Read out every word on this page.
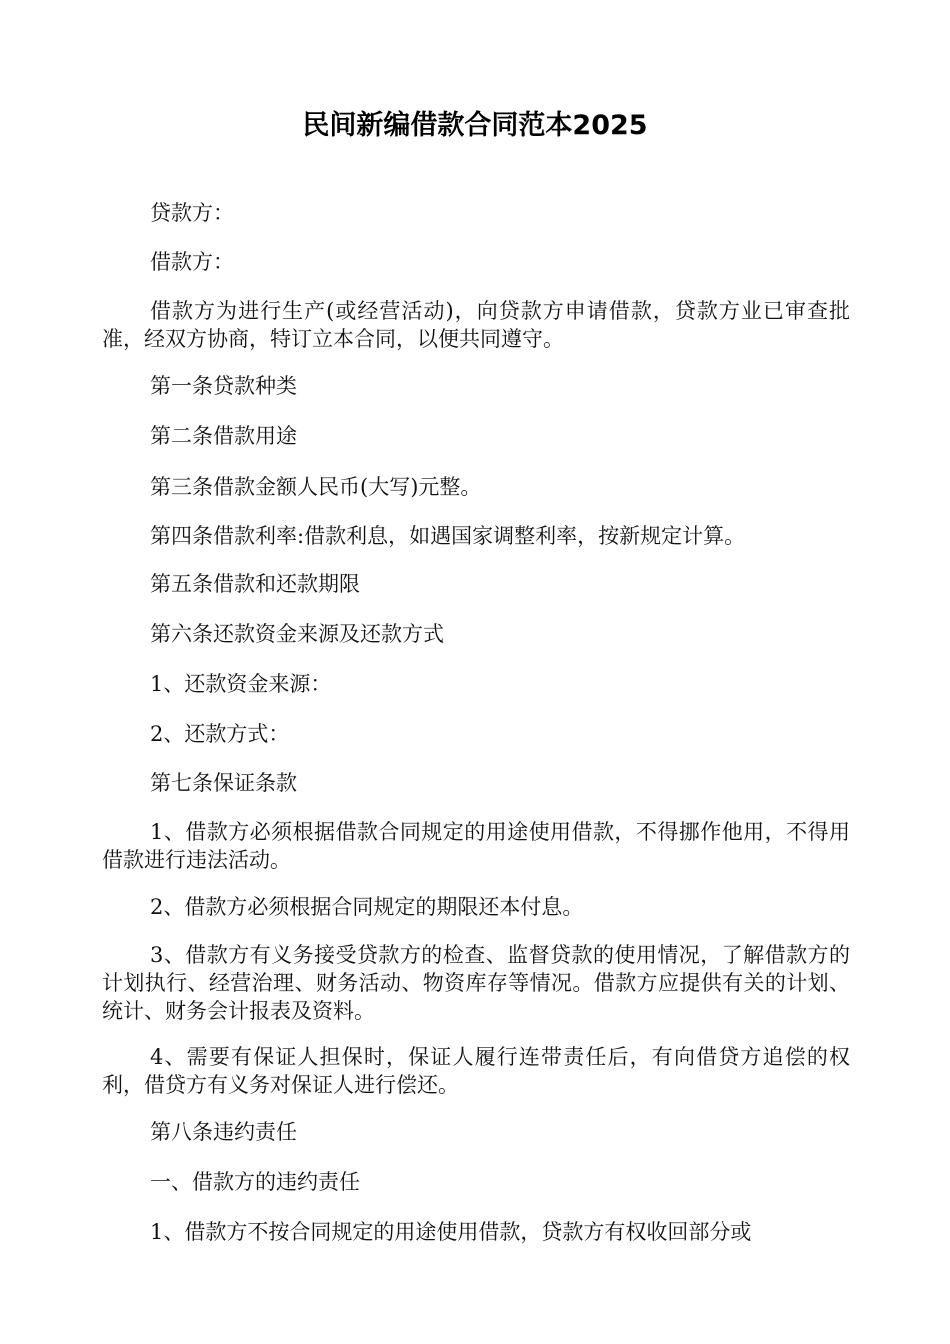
民间新编借款合同范本2025

贷款方：

借款方：

借款方为进行生产(或经营活动)，向贷款方申请借款，贷款方业已审查批准，经双方协商，特订立本合同，以便共同遵守。

第一条贷款种类

第二条借款用途

第三条借款金额人民币(大写)元整。

第四条借款利率:借款利息，如遇国家调整利率，按新规定计算。

第五条借款和还款期限

第六条还款资金来源及还款方式

1、还款资金来源：

2、还款方式：

第七条保证条款

1、借款方必须根据借款合同规定的用途使用借款，不得挪作他用，不得用借款进行违法活动。

2、借款方必须根据合同规定的期限还本付息。

3、借款方有义务接受贷款方的检查、监督贷款的使用情况，了解借款方的计划执行、经营治理、财务活动、物资库存等情况。借款方应提供有关的计划、统计、财务会计报表及资料。

4、需要有保证人担保时，保证人履行连带责任后，有向借贷方追偿的权利，借贷方有义务对保证人进行偿还。

第八条违约责任

一、借款方的违约责任

1、借款方不按合同规定的用途使用借款，贷款方有权收回部分或
